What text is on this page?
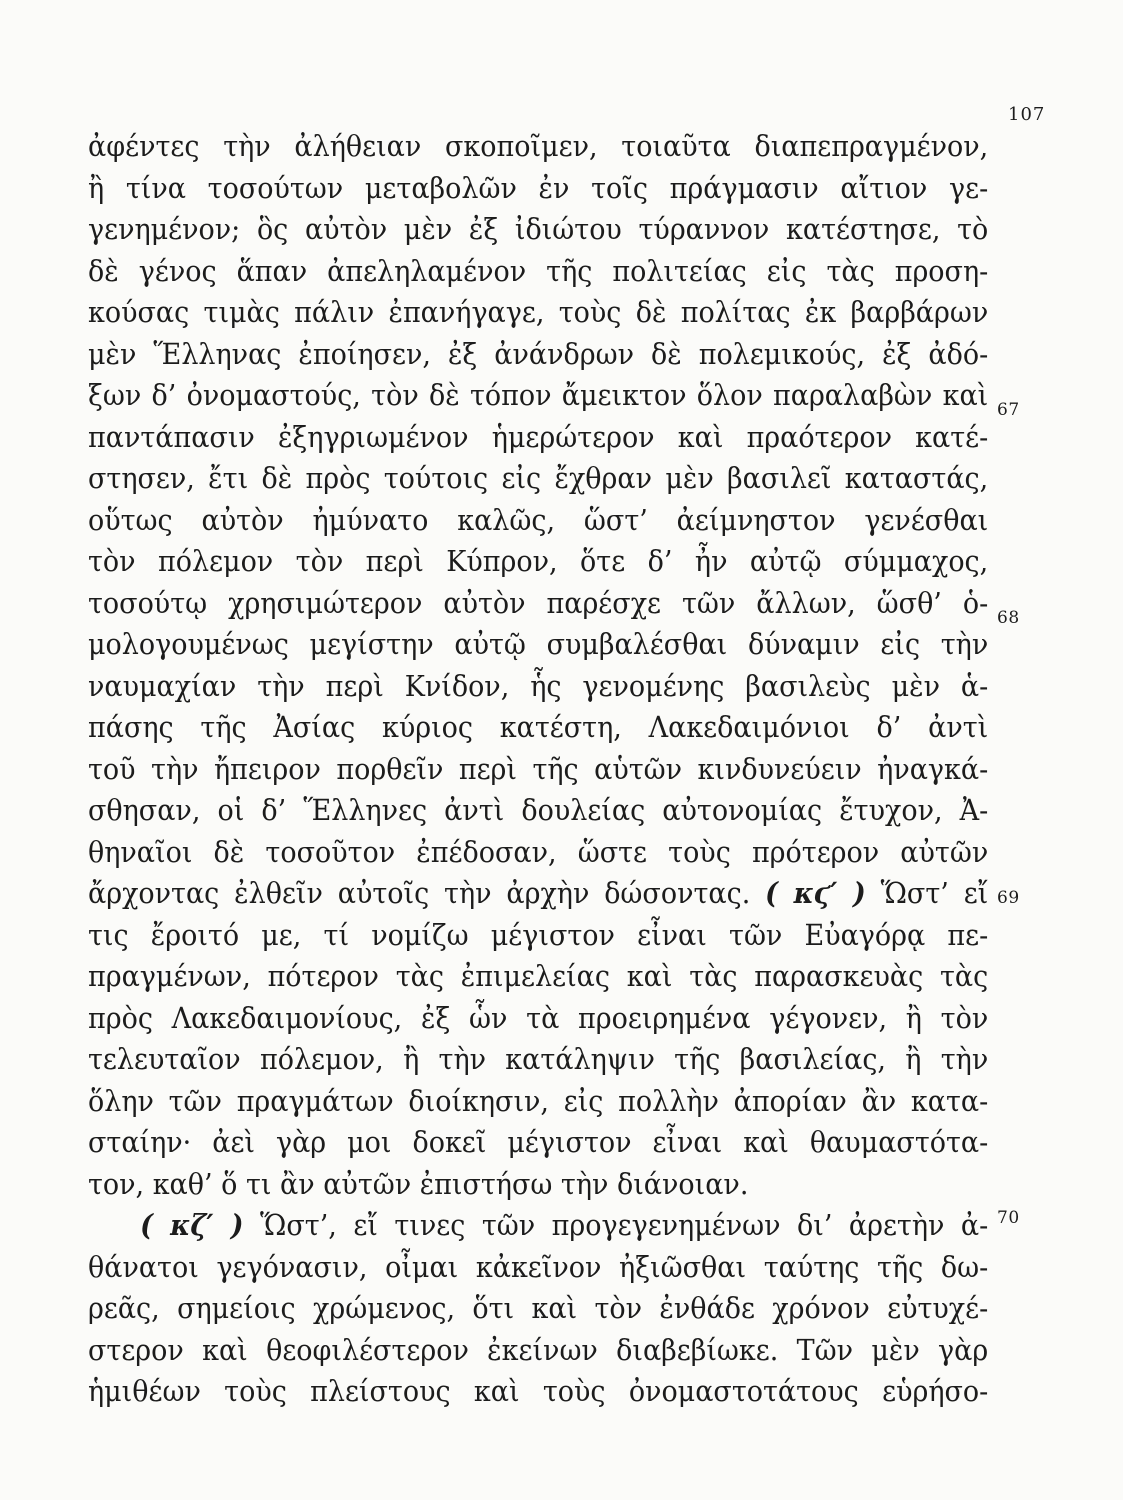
107
ἀφέντες τὴν ἀλήθειαν σκοποῖμεν, τοιαῦτα διαπεπραγμένον,
ἢ τίνα τοσούτων μεταβολῶν ἐν τοῖς πράγμασιν αἴτιον γε-
γενημένον; ὃς αὐτὸν μὲν ἐξ ἰδιώτου τύραννον κατέστησε, τὸ
δὲ γένος ἅπαν ἀπεληλαμένον τῆς πολιτείας εἰς τὰς προση-
κούσας τιμὰς πάλιν ἐπανήγαγε, τοὺς δὲ πολίτας ἐκ βαρβάρων
μὲν Ἕλληνας ἐποίησεν, ἐξ ἀνάνδρων δὲ πολεμικούς, ἐξ ἀδό-
ξων δ’ ὀνομαστούς, τὸν δὲ τόπον ἄμεικτον ὅλον παραλαβὼν καὶ
παντάπασιν ἐξηγριωμένον ἡμερώτερον καὶ πραότερον κατέ-
στησεν, ἔτι δὲ πρὸς τούτοις εἰς ἔχθραν μὲν βασιλεῖ καταστάς,
οὕτως αὐτὸν ἠμύνατο καλῶς, ὥστ’ ἀείμνηστον γενέσθαι
τὸν πόλεμον τὸν περὶ Κύπρον, ὅτε δ’ ἦν αὐτῷ σύμμαχος,
τοσούτῳ χρησιμώτερον αὐτὸν παρέσχε τῶν ἄλλων, ὥσθ’ ὁ-
μολογουμένως μεγίστην αὐτῷ συμβαλέσθαι δύναμιν εἰς τὴν
ναυμαχίαν τὴν περὶ Κνίδον, ἧς γενομένης βασιλεὺς μὲν ἁ-
πάσης τῆς Ἀσίας κύριος κατέστη, Λακεδαιμόνιοι δ’ ἀντὶ
τοῦ τὴν ἤπειρον πορθεῖν περὶ τῆς αὑτῶν κινδυνεύειν ἠναγκά-
σθησαν, οἱ δ’ Ἕλληνες ἀντὶ δουλείας αὐτονομίας ἔτυχον, Ἀ-
θηναῖοι δὲ τοσοῦτον ἐπέδοσαν, ὥστε τοὺς πρότερον αὐτῶν
ἄρχοντας ἐλθεῖν αὐτοῖς τὴν ἀρχὴν δώσοντας. ( κϛ′ ) Ὥστ’ εἴ
τις ἔροιτό με, τί νομίζω μέγιστον εἶναι τῶν Εὐαγόρᾳ πε-
πραγμένων, πότερον τὰς ἐπιμελείας καὶ τὰς παρασκευὰς τὰς
πρὸς Λακεδαιμονίους, ἐξ ὧν τὰ προειρημένα γέγονεν, ἢ τὸν
τελευταῖον πόλεμον, ἢ τὴν κατάληψιν τῆς βασιλείας, ἢ τὴν
ὅλην τῶν πραγμάτων διοίκησιν, εἰς πολλὴν ἀπορίαν ἂν κατα-
σταίην· ἀεὶ γὰρ μοι δοκεῖ μέγιστον εἶναι καὶ θαυμαστότα-
τον, καθ’ ὅ τι ἂν αὐτῶν ἐπιστήσω τὴν διάνοιαν.
( κζ′ ) Ὥστ’, εἴ τινες τῶν προγεγενημένων δι’ ἀρετὴν ἀ-
θάνατοι γεγόνασιν, οἶμαι κἀκεῖνον ἠξιῶσθαι ταύτης τῆς δω-
ρεᾶς, σημείοις χρώμενος, ὅτι καὶ τὸν ἐνθάδε χρόνον εὐτυχέ-
στερον καὶ θεοφιλέστερον ἐκείνων διαβεβίωκε. Τῶν μὲν γὰρ
ἡμιθέων τοὺς πλείστους καὶ τοὺς ὀνομαστοτάτους εὑρήσο-
67
68
69
70
